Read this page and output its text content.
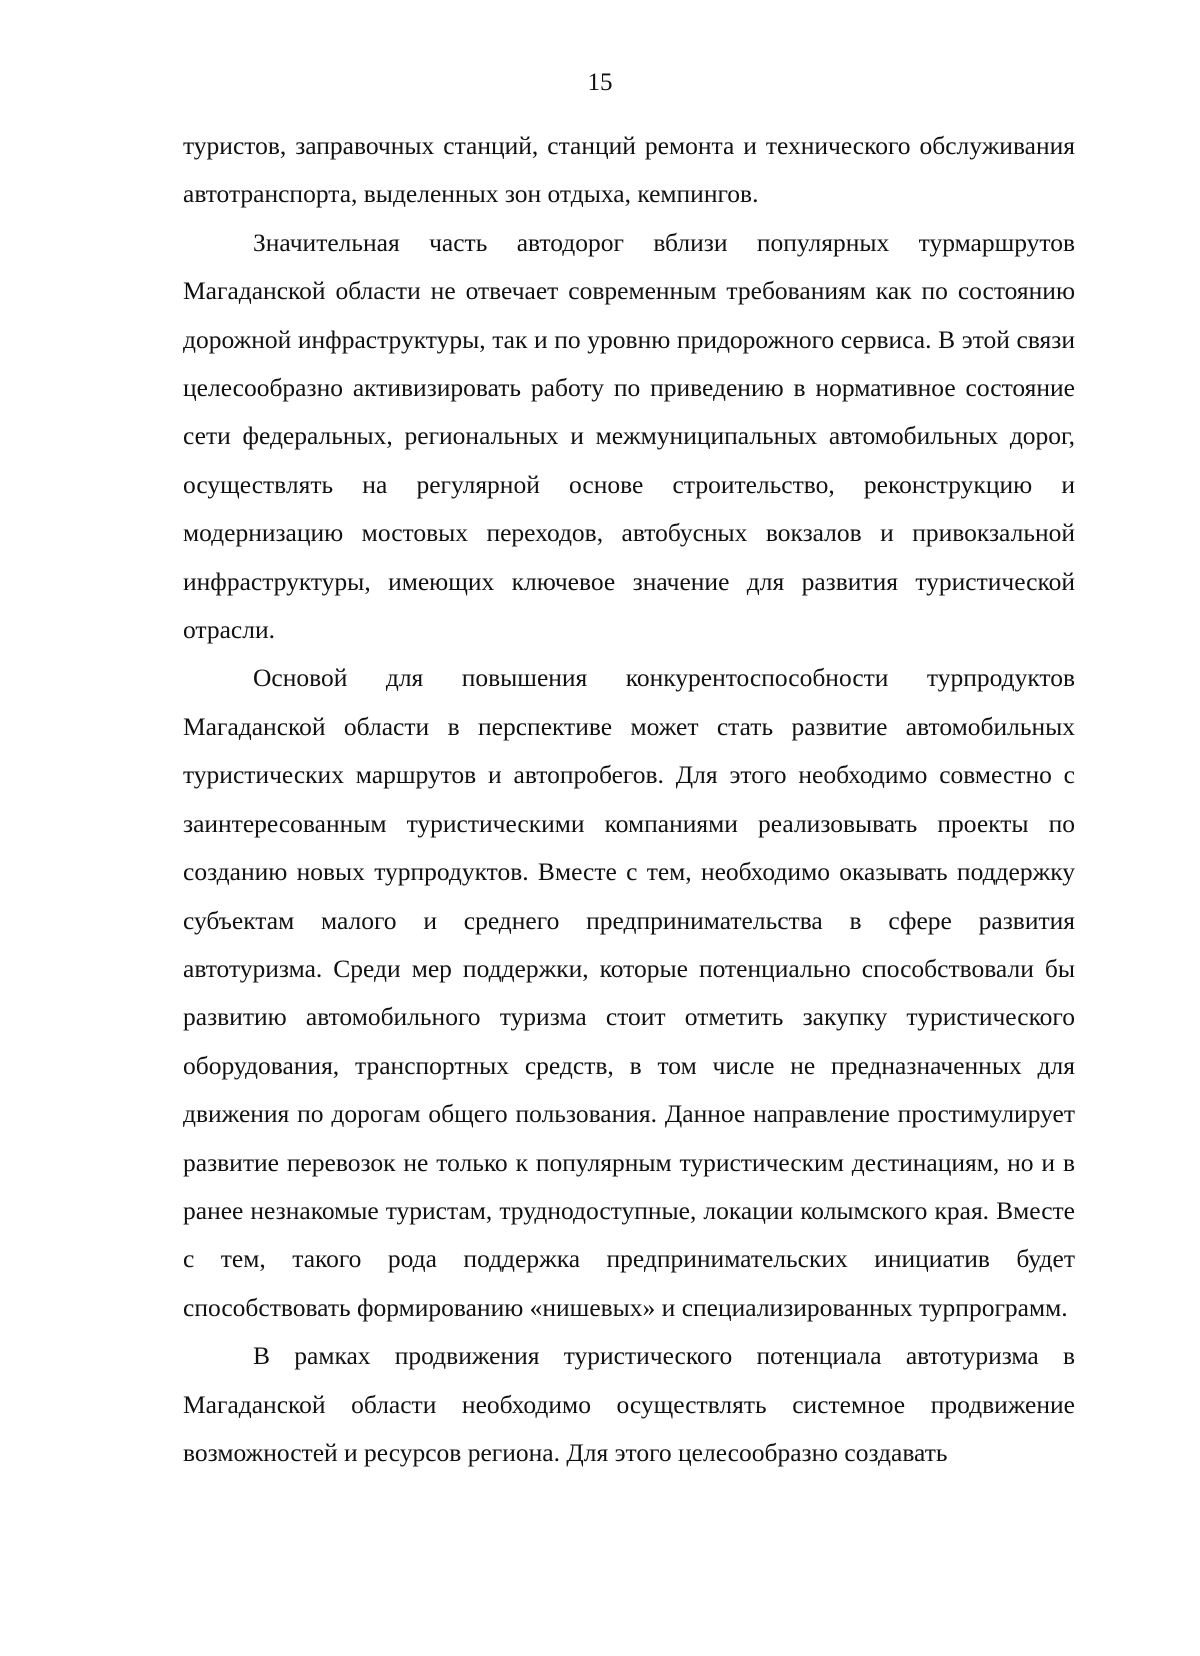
15

туристов, заправочных станций, станций ремонта и технического обслуживания автотранспорта, выделенных зон отдыха, кемпингов.

Значительная часть автодорог вблизи популярных турмаршрутов Магаданской области не отвечает современным требованиям как по состоянию дорожной инфраструктуры, так и по уровню придорожного сервиса. В этой связи целесообразно активизировать работу по приведению в нормативное состояние сети федеральных, региональных и межмуниципальных автомобильных дорог, осуществлять на регулярной основе строительство, реконструкцию и модернизацию мостовых переходов, автобусных вокзалов и привокзальной инфраструктуры, имеющих ключевое значение для развития туристической отрасли.

Основой для повышения конкурентоспособности турпродуктов Магаданской области в перспективе может стать развитие автомобильных туристических маршрутов и автопробегов. Для этого необходимо совместно с заинтересованным туристическими компаниями реализовывать проекты по созданию новых турпродуктов. Вместе с тем, необходимо оказывать поддержку субъектам малого и среднего предпринимательства в сфере развития автотуризма. Среди мер поддержки, которые потенциально способствовали бы развитию автомобильного туризма стоит отметить закупку туристического оборудования, транспортных средств, в том числе не предназначенных для движения по дорогам общего пользования. Данное направление простимулирует развитие перевозок не только к популярным туристическим дестинациям, но и в ранее незнакомые туристам, труднодоступные, локации колымского края. Вместе с тем, такого рода поддержка предпринимательских инициатив будет способствовать формированию «нишевых» и специализированных турпрограмм.

В рамках продвижения туристического потенциала автотуризма в Магаданской области необходимо осуществлять системное продвижение возможностей и ресурсов региона. Для этого целесообразно создавать
